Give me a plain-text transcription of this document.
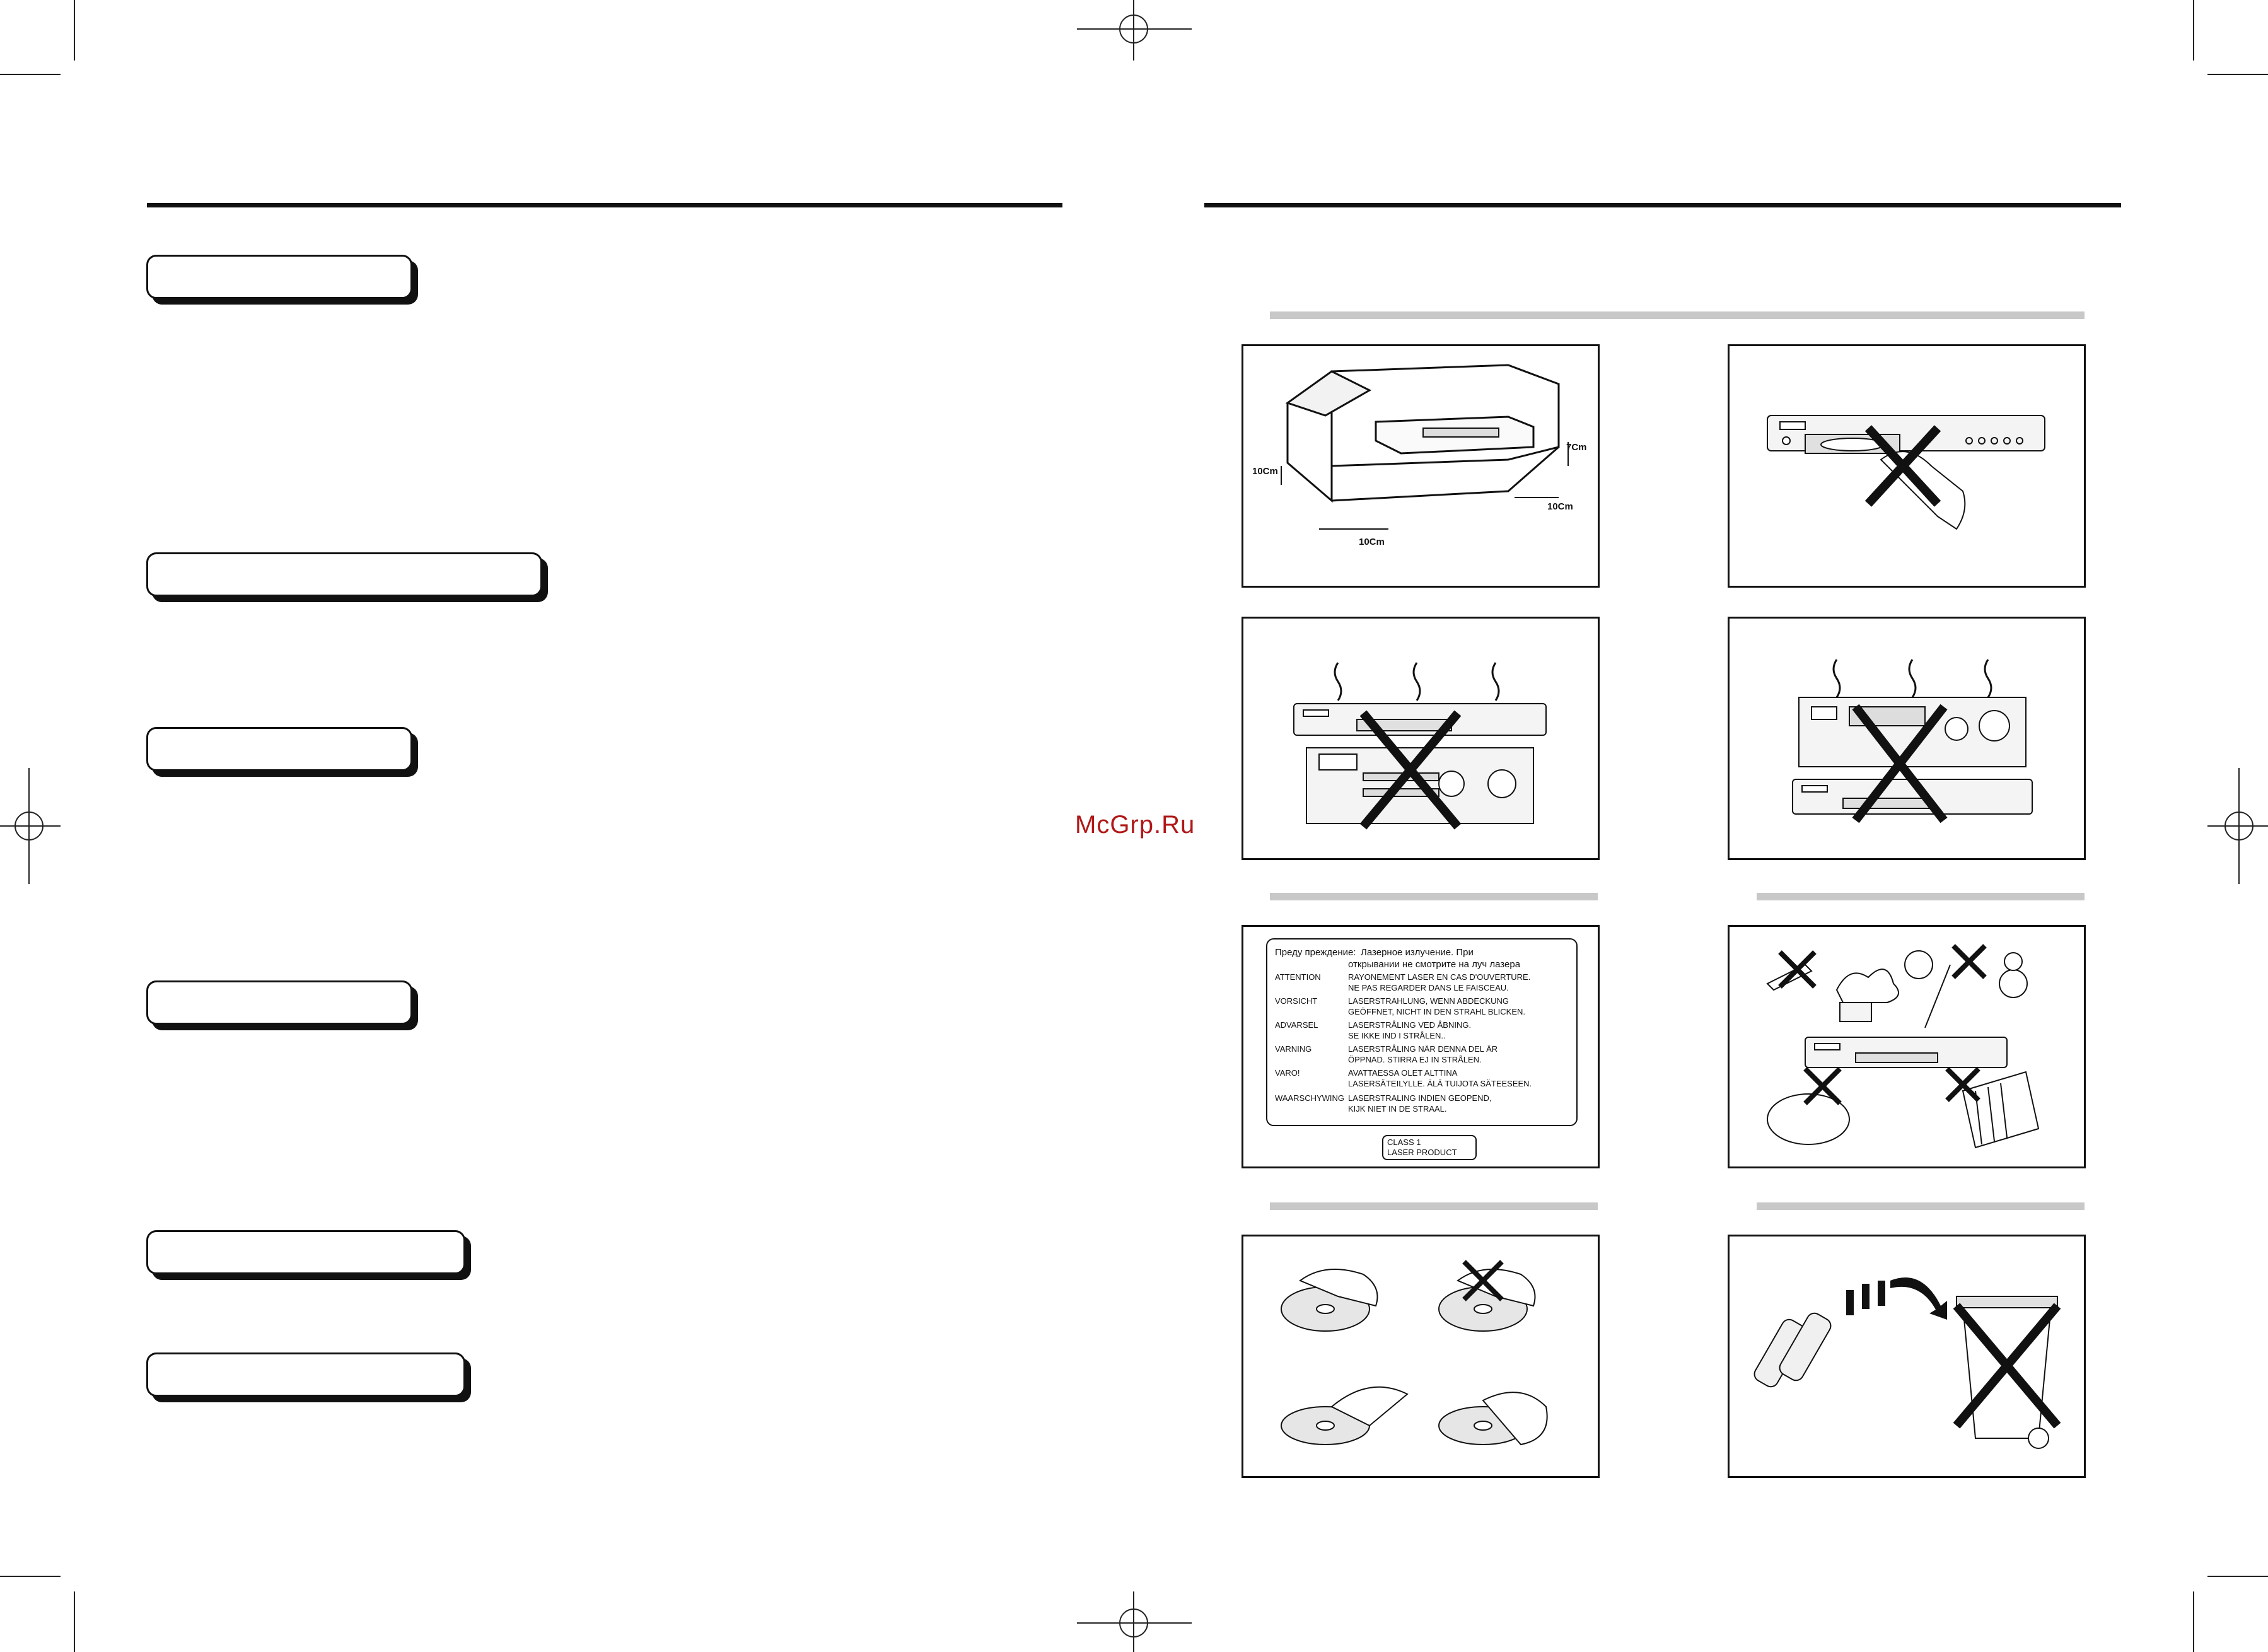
McGrp.Ru
10Cm
7Cm
10Cm
10Cm
Преду преждение: Лазерное излучение. При
открывании не смотрите на луч лазера
ATTENTION	RAYONEMENT LASER EN CAS D'OUVERTURE.
NE PAS REGARDER DANS LE FAISCEAU.
VORSICHT	LASERSTRAHLUNG, WENN ABDECKUNG
GEÖFFNET, NICHT IN DEN STRAHL BLICKEN.
ADVARSEL	LASERSTRÅLING VED ÅBNING.
SE IKKE IND I STRÅLEN..
VARNING	LASERSTRÅLING NÄR DENNA DEL ÄR
ÖPPNAD. STIRRA EJ IN STRÅLEN.
VARO!	AVATTAESSA OLET ALTTINA
LASERSÄTEILYLLE. ÄLÄ TUIJOTA SÄTEESEEN.
WAARSCHYWING LASERSTRALING INDIEN GEOPEND,
KIJK NIET IN DE STRAAL.
CLASS 1
LASER PRODUCT
